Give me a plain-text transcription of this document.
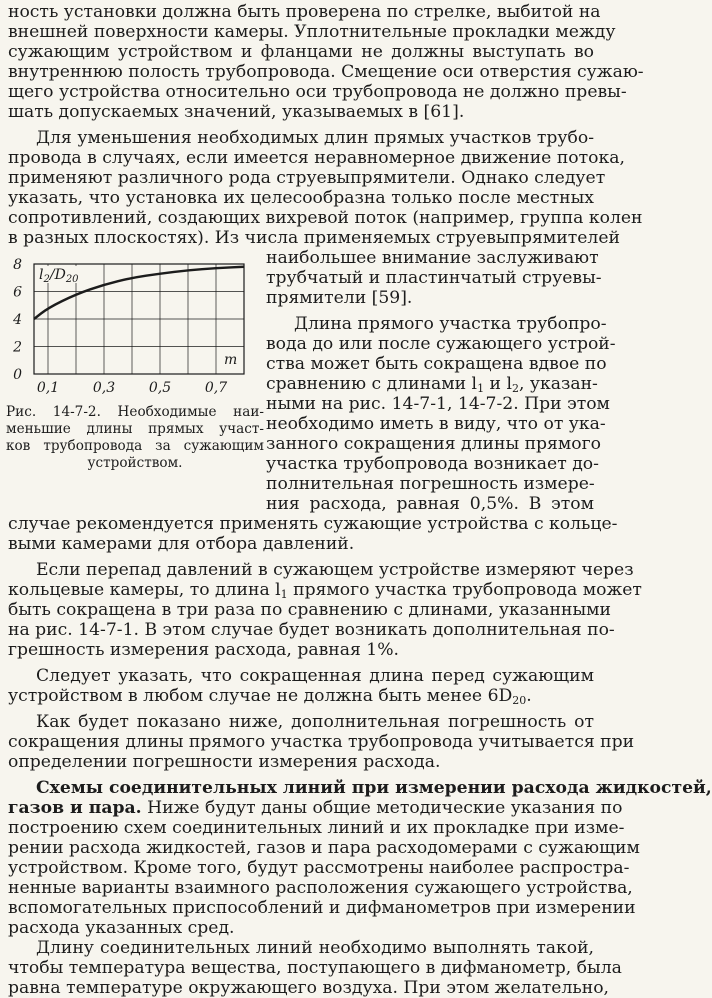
ность установки должна быть проверена по стрелке, выбитой на
внешней поверхности камеры. Уплотнительные прокладки между
сужающим устройством и фланцами не должны выступать во
внутреннюю полость трубопровода. Смещение оси отверстия сужаю-
щего устройства относительно оси трубопровода не должно превы-
шать допускаемых значений, указываемых в [61].
Для уменьшения необходимых длин прямых участков трубо-
провода в случаях, если имеется неравномерное движение потока,
применяют различного рода струевыпрямители. Однако следует
указать, что установка их целесообразна только после местных
сопротивлений, создающих вихревой поток (например, группа колен
в разных плоскостях). Из числа применяемых струевыпрямителей
наибольшее внимание заслуживают
трубчатый и пластинчатый струевы-
прямители [59].
Длина прямого участка трубопро-
вода до или после сужающего устрой-
ства может быть сокращена вдвое по
сравнению с длинами $l_1$ и $l_2$, указан-
ными на рис. 14-7-1, 14-7-2. При этом
необходимо иметь в виду, что от ука-
занного сокращения длины прямого
участка трубопровода возникает до-
полнительная погрешность измере-
ния расхода, равная 0,5%. В этом
случае рекомендуется применять сужающие устройства с кольце-
выми камерами для отбора давлений.
Если перепад давлений в сужающем устройстве измеряют через
кольцевые камеры, то длина $l_1$ прямого участка трубопровода может
быть сокращена в три раза по сравнению с длинами, указанными
на рис. 14-7-1. В этом случае будет возникать дополнительная по-
грешность измерения расхода, равная 1%.
Следует указать, что сокращенная длина перед сужающим
устройством в любом случае не должна быть менее $6D_{20}$.
Как будет показано ниже, дополнительная погрешность от
сокращения длины прямого участка трубопровода учитывается при
определении погрешности измерения расхода.
Схемы соединительных линий при измерении расхода жидкостей,
газов и пара. Ниже будут даны общие методические указания по
построению схем соединительных линий и их прокладке при изме-
рении расхода жидкостей, газов и пара расходомерами с сужающим
устройством. Кроме того, будут рассмотрены наиболее распростра-
ненные варианты взаимного расположения сужающего устройства,
вспомогательных приспособлений и дифманометров при измерении
расхода указанных сред.
Длину соединительных линий необходимо выполнять такой,
чтобы температура вещества, поступающего в дифманометр, была
равна температуре окружающего воздуха. При этом желательно,
8
6
4
2
0
0,1 0,3 0,5 0,7
$l_2/D_{20}$
m
Рис. 14-7-2. Необходимые наи-
меньшие длины прямых участ-
ков трубопровода за сужающим
устройством.
